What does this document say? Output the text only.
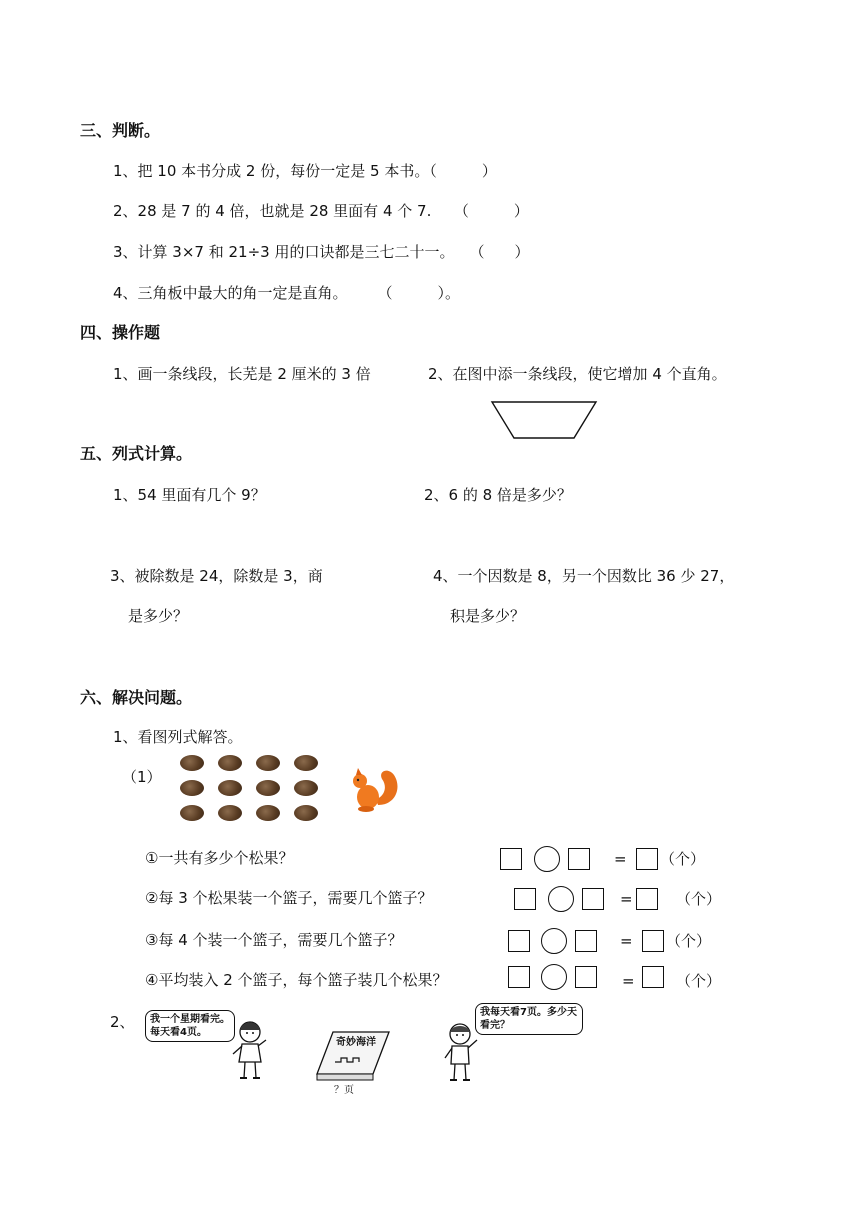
三、判断。
1、把 10 本书分成 2 份，每份一定是 5 本书。（　　　）
2、28 是 7 的 4 倍，也就是 28 里面有 4 个 7.　　（　　　）
3、计算 3×7 和 21÷3 用的口诀都是三七二十一。　　（　　）
4、三角板中最大的角一定是直角。　　　（　　　）。
四、操作题
1、画一条线段，长芜是 2 厘米的 3 倍	2、在图中添一条线段，使它增加 4 个直角。
五、列式计算。
1、54 里面有几个 9？	2、6 的 8 倍是多少？
3、被除数是 24，除数是 3，商
是多少？
4、一个因数是 8，另一个因数比 36 少 27，
积是多少？
六、解决问题。
1、看图列式解答。
（1）
①一共有多少个松果？	= （个）
②每 3 个松果装一个篮子，需要几个篮子？	=	（个）
③每 4 个装一个篮子，需要几个篮子？	= （个）
④平均装入 2 个篮子，每个篮子装几个松果？	=	（个）
2、	我一个星期看完。每天看4页。
奇妙海洋
？页
我每天看7页。多少天看完？
